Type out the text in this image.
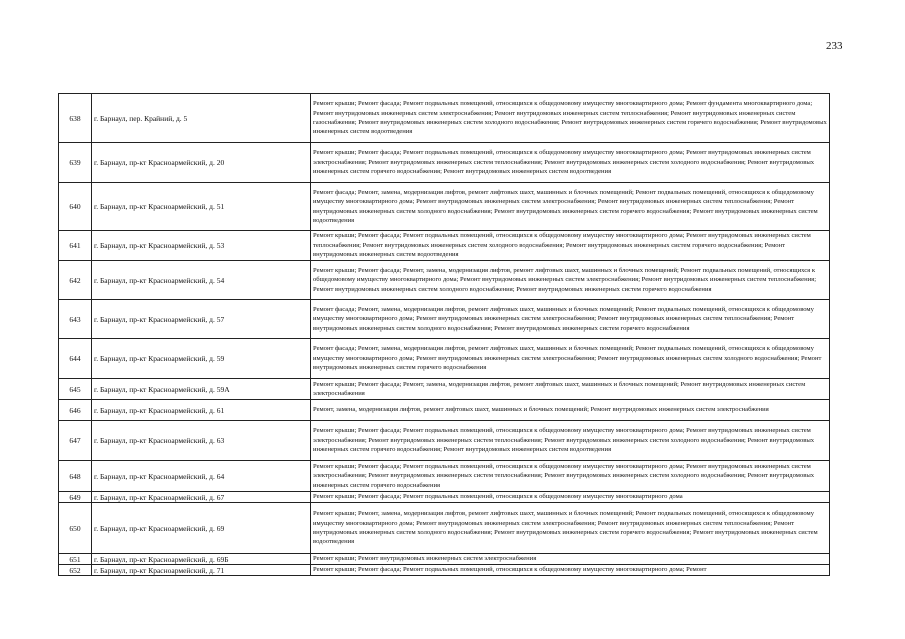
233
638	г. Барнаул, пер. Крайний, д. 5	Ремонт крыши; Ремонт фасада; Ремонт подвальных помещений, относящихся к общедомовому имуществу многоквартирного дома; Ремонт фундамента многоквартирного дома; Ремонт внутридомовых инженерных систем электроснабжения; Ремонт внутридомовых инженерных систем теплоснабжения; Ремонт внутридомовых инженерных систем газоснабжения; Ремонт внутридомовых инженерных систем холодного водоснабжения; Ремонт внутридомовых инженерных систем горячего водоснабжения; Ремонт внутридомовых инженерных систем водоотведения
639	г. Барнаул, пр-кт Красноармейский, д. 20	Ремонт крыши; Ремонт фасада; Ремонт подвальных помещений, относящихся к общедомовому имуществу многоквартирного дома; Ремонт внутридомовых инженерных систем электроснабжения; Ремонт внутридомовых инженерных систем теплоснабжения; Ремонт внутридомовых инженерных систем холодного водоснабжения; Ремонт внутридомовых инженерных систем горячего водоснабжения; Ремонт внутридомовых инженерных систем водоотведения
640	г. Барнаул, пр-кт Красноармейский, д. 51	Ремонт фасада; Ремонт, замена, модернизация лифтов, ремонт лифтовых шахт, машинных и блочных помещений; Ремонт подвальных помещений, относящихся к общедомовому имуществу многоквартирного дома; Ремонт внутридомовых инженерных систем электроснабжения; Ремонт внутридомовых инженерных систем теплоснабжения; Ремонт внутридомовых инженерных систем холодного водоснабжения; Ремонт внутридомовых инженерных систем горячего водоснабжения; Ремонт внутридомовых инженерных систем водоотведения
641	г. Барнаул, пр-кт Красноармейский, д. 53	Ремонт крыши; Ремонт фасада; Ремонт подвальных помещений, относящихся к общедомовому имуществу многоквартирного дома; Ремонт внутридомовых инженерных систем теплоснабжения; Ремонт внутридомовых инженерных систем холодного водоснабжения; Ремонт внутридомовых инженерных систем горячего водоснабжения; Ремонт внутридомовых инженерных систем водоотведения
642	г. Барнаул, пр-кт Красноармейский, д. 54	Ремонт крыши; Ремонт фасада; Ремонт, замена, модернизация лифтов, ремонт лифтовых шахт, машинных и блочных помещений; Ремонт подвальных помещений, относящихся к общедомовому имуществу многоквартирного дома; Ремонт внутридомовых инженерных систем электроснабжения; Ремонт внутридомовых инженерных систем теплоснабжения; Ремонт внутридомовых инженерных систем холодного водоснабжения; Ремонт внутридомовых инженерных систем горячего водоснабжения
643	г. Барнаул, пр-кт Красноармейский, д. 57	Ремонт фасада; Ремонт, замена, модернизация лифтов, ремонт лифтовых шахт, машинных и блочных помещений; Ремонт подвальных помещений, относящихся к общедомовому имуществу многоквартирного дома; Ремонт внутридомовых инженерных систем электроснабжения; Ремонт внутридомовых инженерных систем теплоснабжения; Ремонт внутридомовых инженерных систем холодного водоснабжения; Ремонт внутридомовых инженерных систем горячего водоснабжения
644	г. Барнаул, пр-кт Красноармейский, д. 59	Ремонт фасада; Ремонт, замена, модернизация лифтов, ремонт лифтовых шахт, машинных и блочных помещений; Ремонт подвальных помещений, относящихся к общедомовому имуществу многоквартирного дома; Ремонт внутридомовых инженерных систем электроснабжения; Ремонт внутридомовых инженерных систем холодного водоснабжения; Ремонт внутридомовых инженерных систем горячего водоснабжения
645	г. Барнаул, пр-кт Красноармейский, д. 59А	Ремонт крыши; Ремонт фасада; Ремонт, замена, модернизация лифтов, ремонт лифтовых шахт, машинных и блочных помещений; Ремонт внутридомовых инженерных систем электроснабжения
646	г. Барнаул, пр-кт Красноармейский, д. 61	Ремонт, замена, модернизация лифтов, ремонт лифтовых шахт, машинных и блочных помещений; Ремонт внутридомовых инженерных систем электроснабжения
647	г. Барнаул, пр-кт Красноармейский, д. 63	Ремонт крыши; Ремонт фасада; Ремонт подвальных помещений, относящихся к общедомовому имуществу многоквартирного дома; Ремонт внутридомовых инженерных систем электроснабжения; Ремонт внутридомовых инженерных систем теплоснабжения; Ремонт внутридомовых инженерных систем холодного водоснабжения; Ремонт внутридомовых инженерных систем горячего водоснабжения; Ремонт внутридомовых инженерных систем водоотведения
648	г. Барнаул, пр-кт Красноармейский, д. 64	Ремонт крыши; Ремонт фасада; Ремонт подвальных помещений, относящихся к общедомовому имуществу многоквартирного дома; Ремонт внутридомовых инженерных систем электроснабжения; Ремонт внутридомовых инженерных систем теплоснабжения; Ремонт внутридомовых инженерных систем холодного водоснабжения; Ремонт внутридомовых инженерных систем горячего водоснабжения
649	г. Барнаул, пр-кт Красноармейский, д. 67	Ремонт крыши; Ремонт фасада; Ремонт подвальных помещений, относящихся к общедомовому имуществу многоквартирного дома
650	г. Барнаул, пр-кт Красноармейский, д. 69	Ремонт крыши; Ремонт, замена, модернизация лифтов, ремонт лифтовых шахт, машинных и блочных помещений; Ремонт подвальных помещений, относящихся к общедомовому имуществу многоквартирного дома; Ремонт внутридомовых инженерных систем электроснабжения; Ремонт внутридомовых инженерных систем теплоснабжения; Ремонт внутридомовых инженерных систем холодного водоснабжения; Ремонт внутридомовых инженерных систем горячего водоснабжения; Ремонт внутридомовых инженерных систем водоотведения
651	г. Барнаул, пр-кт Красноармейский, д. 69Б	Ремонт крыши; Ремонт внутридомовых инженерных систем электроснабжения
652	г. Барнаул, пр-кт Красноармейский, д. 71	Ремонт крыши; Ремонт фасада; Ремонт подвальных помещений, относящихся к общедомовому имуществу многоквартирного дома; Ремонт
